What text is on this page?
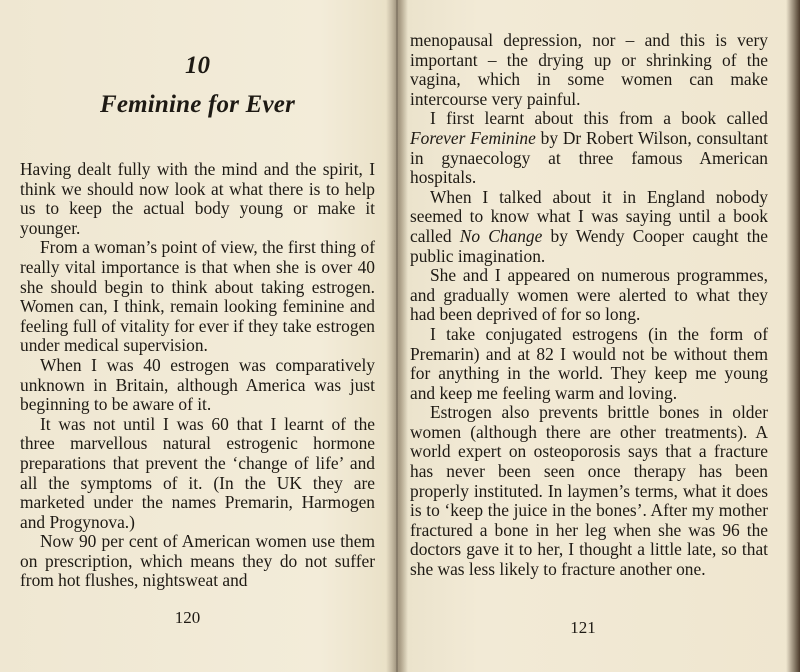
10
Feminine for Ever

Having dealt fully with the mind and the spirit, I think we should now look at what there is to help us to keep the actual body young or make it younger.

From a woman’s point of view, the first thing of really vital importance is that when she is over 40 she should begin to think about taking estrogen. Women can, I think, remain looking feminine and feeling full of vitality for ever if they take estrogen under medical supervision.

When I was 40 estrogen was comparatively unknown in Britain, although America was just beginning to be aware of it.

It was not until I was 60 that I learnt of the three marvellous natural estrogenic hormone preparations that prevent the ‘change of life’ and all the symptoms of it. (In the UK they are marketed under the names Premarin, Harmogen and Progynova.)

Now 90 per cent of American women use them on prescription, which means they do not suffer from hot flushes, nightsweat and

120

menopausal depression, nor – and this is very important – the drying up or shrinking of the vagina, which in some women can make intercourse very painful.

I first learnt about this from a book called Forever Feminine by Dr Robert Wilson, consultant in gynaecology at three famous American hospitals.

When I talked about it in England nobody seemed to know what I was saying until a book called No Change by Wendy Cooper caught the public imagination.

She and I appeared on numerous programmes, and gradually women were alerted to what they had been deprived of for so long.

I take conjugated estrogens (in the form of Premarin) and at 82 I would not be without them for anything in the world. They keep me young and keep me feeling warm and loving.

Estrogen also prevents brittle bones in older women (although there are other treatments). A world expert on osteoporosis says that a fracture has never been seen once therapy has been properly instituted. In laymen’s terms, what it does is to ‘keep the juice in the bones’. After my mother fractured a bone in her leg when she was 96 the doctors gave it to her, I thought a little late, so that she was less likely to fracture another one.

121
